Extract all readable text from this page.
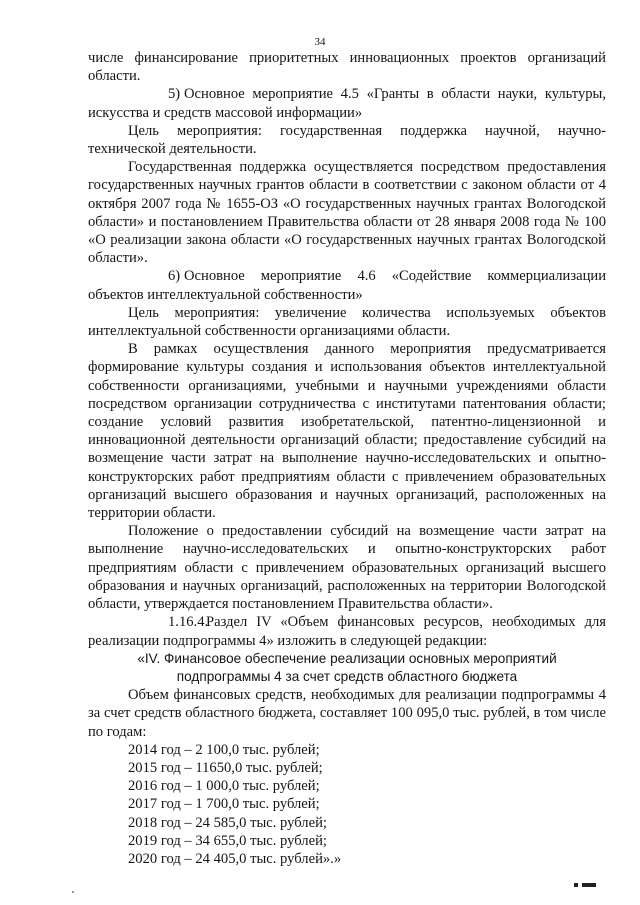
34

числе финансирование приоритетных инновационных проектов организаций области.

5) Основное мероприятие 4.5 «Гранты в области науки, культуры, искусства и средств массовой информации»

Цель мероприятия: государственная поддержка научной, научно-технической деятельности.

Государственная поддержка осуществляется посредством предоставления государственных научных грантов области в соответствии с законом области от 4 октября 2007 года № 1655-ОЗ «О государственных научных грантах Вологодской области» и постановлением Правительства области от 28 января 2008 года № 100 «О реализации закона области «О государственных научных грантах Вологодской области».

6) Основное мероприятие 4.6 «Содействие коммерциализации объектов интеллектуальной собственности»

Цель мероприятия: увеличение количества используемых объектов интеллектуальной собственности организациями области.

В рамках осуществления данного мероприятия предусматривается формирование культуры создания и использования объектов интеллектуальной собственности организациями, учебными и научными учреждениями области посредством организации сотрудничества с институтами патентования области; создание условий развития изобретательской, патентно-лицензионной и инновационной деятельности организаций области; предоставление субсидий на возмещение части затрат на выполнение научно-исследовательских и опытно-конструкторских работ предприятиям области с привлечением образовательных организаций высшего образования и научных организаций, расположенных на территории области.

Положение о предоставлении субсидий на возмещение части затрат на выполнение научно-исследовательских и опытно-конструкторских работ предприятиям области с привлечением образовательных организаций высшего образования и научных организаций, расположенных на территории Вологодской области, утверждается постановлением Правительства области».

1.16.4.Раздел IV «Объем финансовых ресурсов, необходимых для реализации подпрограммы 4» изложить в следующей редакции:

«IV. Финансовое обеспечение реализации основных мероприятий

подпрограммы 4 за счет средств областного бюджета

Объем финансовых средств, необходимых для реализации подпрограммы 4 за счет средств областного бюджета, составляет 100 095,0 тыс. рублей, в том числе по годам:

2014 год – 2 100,0 тыс. рублей;
2015 год – 11650,0 тыс. рублей;
2016 год – 1 000,0 тыс. рублей;
2017 год – 1 700,0 тыс. рублей;
2018 год – 24 585,0 тыс. рублей;
2019 год – 34 655,0 тыс. рублей;
2020 год – 24 405,0 тыс. рублей».»
